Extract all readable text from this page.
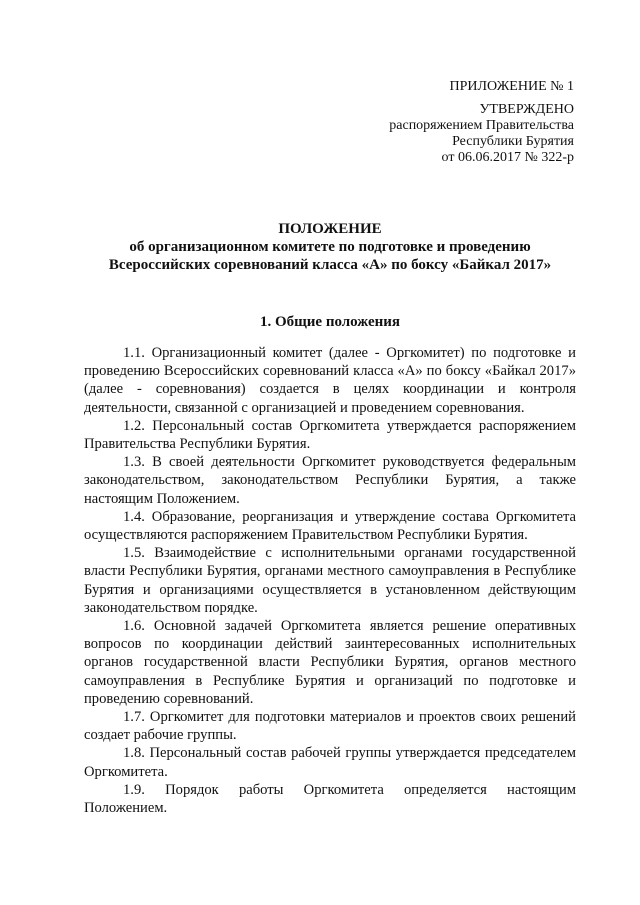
ПРИЛОЖЕНИЕ № 1
УТВЕРЖДЕНО
распоряжением Правительства
Республики Бурятия
от 06.06.2017 № 322-р
ПОЛОЖЕНИЕ
об организационном комитете по подготовке и проведению
Всероссийских соревнований класса «А» по боксу «Байкал 2017»
1. Общие положения

1.1. Организационный комитет (далее - Оргкомитет) по подготовке и проведению Всероссийских соревнований класса «А» по боксу «Байкал 2017» (далее - соревнования) создается в целях координации и контроля деятельности, связанной с организацией и проведением соревнования.

1.2. Персональный состав Оргкомитета утверждается распоряжением Правительства Республики Бурятия.

1.3. В своей деятельности Оргкомитет руководствуется федеральным законодательством, законодательством Республики Бурятия, а также настоящим Положением.

1.4. Образование, реорганизация и утверждение состава Оргкомитета осуществляются распоряжением Правительством Республики Бурятия.

1.5. Взаимодействие с исполнительными органами государственной власти Республики Бурятия, органами местного самоуправления в Республике Бурятия и организациями осуществляется в установленном действующим законодательством порядке.

1.6. Основной задачей Оргкомитета является решение оперативных вопросов по координации действий заинтересованных исполнительных органов государственной власти Республики Бурятия, органов местного самоуправления в Республике Бурятия и организаций по подготовке и проведению соревнований.

1.7. Оргкомитет для подготовки материалов и проектов своих решений создает рабочие группы.

1.8. Персональный состав рабочей группы утверждается председателем Оргкомитета.

1.9. Порядок работы Оргкомитета определяется настоящим Положением.
